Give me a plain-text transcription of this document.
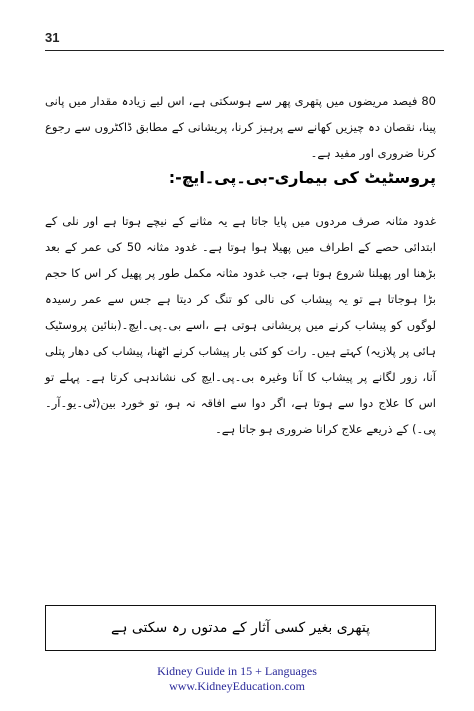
31

80 فیصد مریضوں میں پتھری پھر سے ہوسکتی ہے، اس لیے زیادہ مقدار میں پانی پینا، نقصان دہ چیزیں کھانے سے پرہیز کرنا، پریشانی کے مطابق ڈاکٹروں سے رجوع کرنا ضروری اور مفید ہے۔

پروسٹیٹ کی بیماری-بی۔پی۔ایچ-:

غدود مثانہ صرف مردوں میں پایا جاتا ہے یہ مثانے کے نیچے ہوتا ہے اور نلی کے ابتدائی حصے کے اطراف میں پھیلا ہوا ہوتا ہے۔ غدود مثانہ 50 کی عمر کے بعد بڑھنا اور پھیلنا شروع ہوتا ہے، جب غدود مثانہ مکمل طور پر پھیل کر اس کا حجم بڑا ہوجاتا ہے تو یہ پیشاب کی نالی کو تنگ کر دیتا ہے جس سے عمر رسیدہ لوگوں کو پیشاب کرنے میں پریشانی ہوتی ہے ،اسے بی۔پی۔ایچ۔(بنائین پروسٹیک ہائی پر پلازیہ) کہتے ہیں۔ رات کو کئی بار پیشاب کرنے اٹھنا، پیشاب کی دھار پتلی آنا، زور لگانے پر پیشاب کا آنا وغیرہ بی۔پی۔ایچ کی نشاندہی کرتا ہے۔ پہلے تو اس کا علاج دوا سے ہوتا ہے، اگر دوا سے افاقہ نہ ہو، تو خورد بین(ٹی۔یو۔آر۔پی۔) کے ذریعے علاج کرانا ضروری ہو جاتا ہے۔

پتھری بغیر کسی آثار کے مدتوں رہ سکتی ہے
Kidney Guide in 15 + Languages
www.KidneyEducation.com
